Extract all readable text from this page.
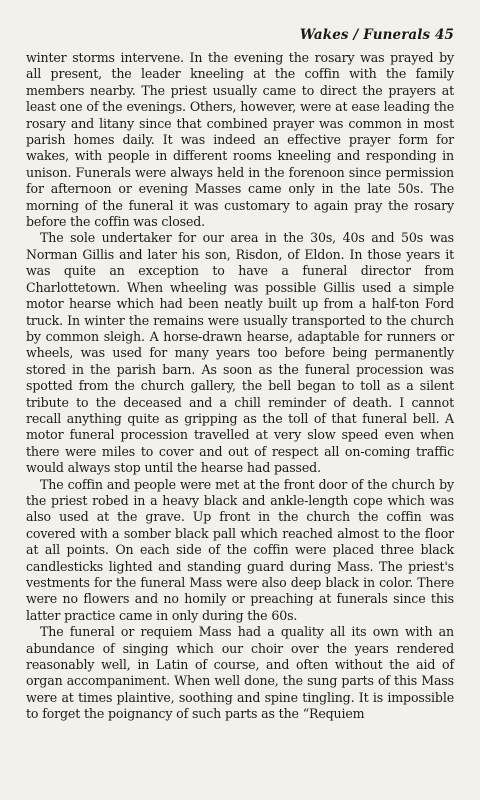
Wakes / Funerals 45

winter storms intervene. In the evening the rosary was prayed by all present, the leader kneeling at the coffin with the family members nearby. The priest usually came to direct the prayers at least one of the evenings. Others, however, were at ease leading the rosary and litany since that combined prayer was common in most parish homes daily. It was indeed an effective prayer form for wakes, with people in different rooms kneeling and responding in unison. Funerals were always held in the forenoon since permission for afternoon or evening Masses came only in the late 50s. The morning of the funeral it was customary to again pray the rosary before the coffin was closed.

The sole undertaker for our area in the 30s, 40s and 50s was Norman Gillis and later his son, Risdon, of Eldon. In those years it was quite an exception to have a funeral director from Charlottetown. When wheeling was possible Gillis used a simple motor hearse which had been neatly built up from a half-ton Ford truck. In winter the remains were usually transported to the church by common sleigh. A horse-drawn hearse, adaptable for runners or wheels, was used for many years too before being permanently stored in the parish barn. As soon as the funeral procession was spotted from the church gallery, the bell began to toll as a silent tribute to the deceased and a chill reminder of death. I cannot recall anything quite as gripping as the toll of that funeral bell. A motor funeral procession travelled at very slow speed even when there were miles to cover and out of respect all on-coming traffic would always stop until the hearse had passed.

The coffin and people were met at the front door of the church by the priest robed in a heavy black and ankle-length cope which was also used at the grave. Up front in the church the coffin was covered with a somber black pall which reached almost to the floor at all points. On each side of the coffin were placed three black candlesticks lighted and standing guard during Mass. The priest's vestments for the funeral Mass were also deep black in color. There were no flowers and no homily or preaching at funerals since this latter practice came in only during the 60s.

The funeral or requiem Mass had a quality all its own with an abundance of singing which our choir over the years rendered reasonably well, in Latin of course, and often without the aid of organ accompaniment. When well done, the sung parts of this Mass were at times plaintive, soothing and spine tingling. It is impossible to forget the poignancy of such parts as the “Requiem
